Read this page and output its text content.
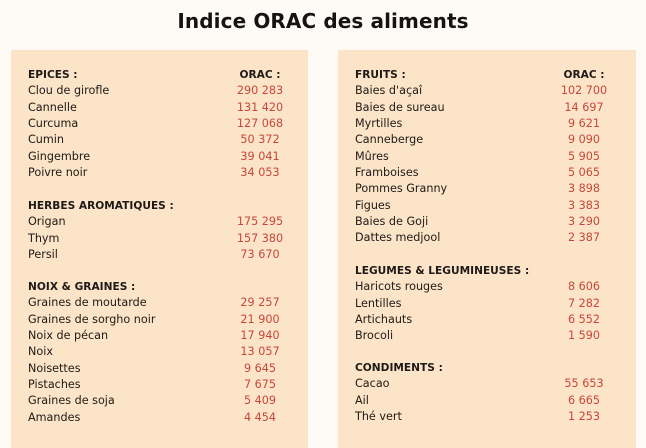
Indice ORAC des aliments
EPICES :	ORAC :
Clou de girofle	290 283
Cannelle	131 420
Curcuma	127 068
Cumin	50 372
Gingembre	39 041
Poivre noir	34 053
HERBES AROMATIQUES :
Origan	175 295
Thym	157 380
Persil	73 670
NOIX & GRAINES :
Graines de moutarde	29 257
Graines de sorgho noir	21 900
Noix de pécan	17 940
Noix	13 057
Noisettes	9 645
Pistaches	7 675
Graines de soja	5 409
Amandes	4 454
FRUITS :	ORAC :
Baies d'açaî	102 700
Baies de sureau	14 697
Myrtilles	9 621
Canneberge	9 090
Mûres	5 905
Framboises	5 065
Pommes Granny	3 898
Figues	3 383
Baies de Goji	3 290
Dattes medjool	2 387
LEGUMES & LEGUMINEUSES :
Haricots rouges	8 606
Lentilles	7 282
Artichauts	6 552
Brocoli	1 590
CONDIMENTS :
Cacao	55 653
Ail	6 665
Thé vert	1 253
